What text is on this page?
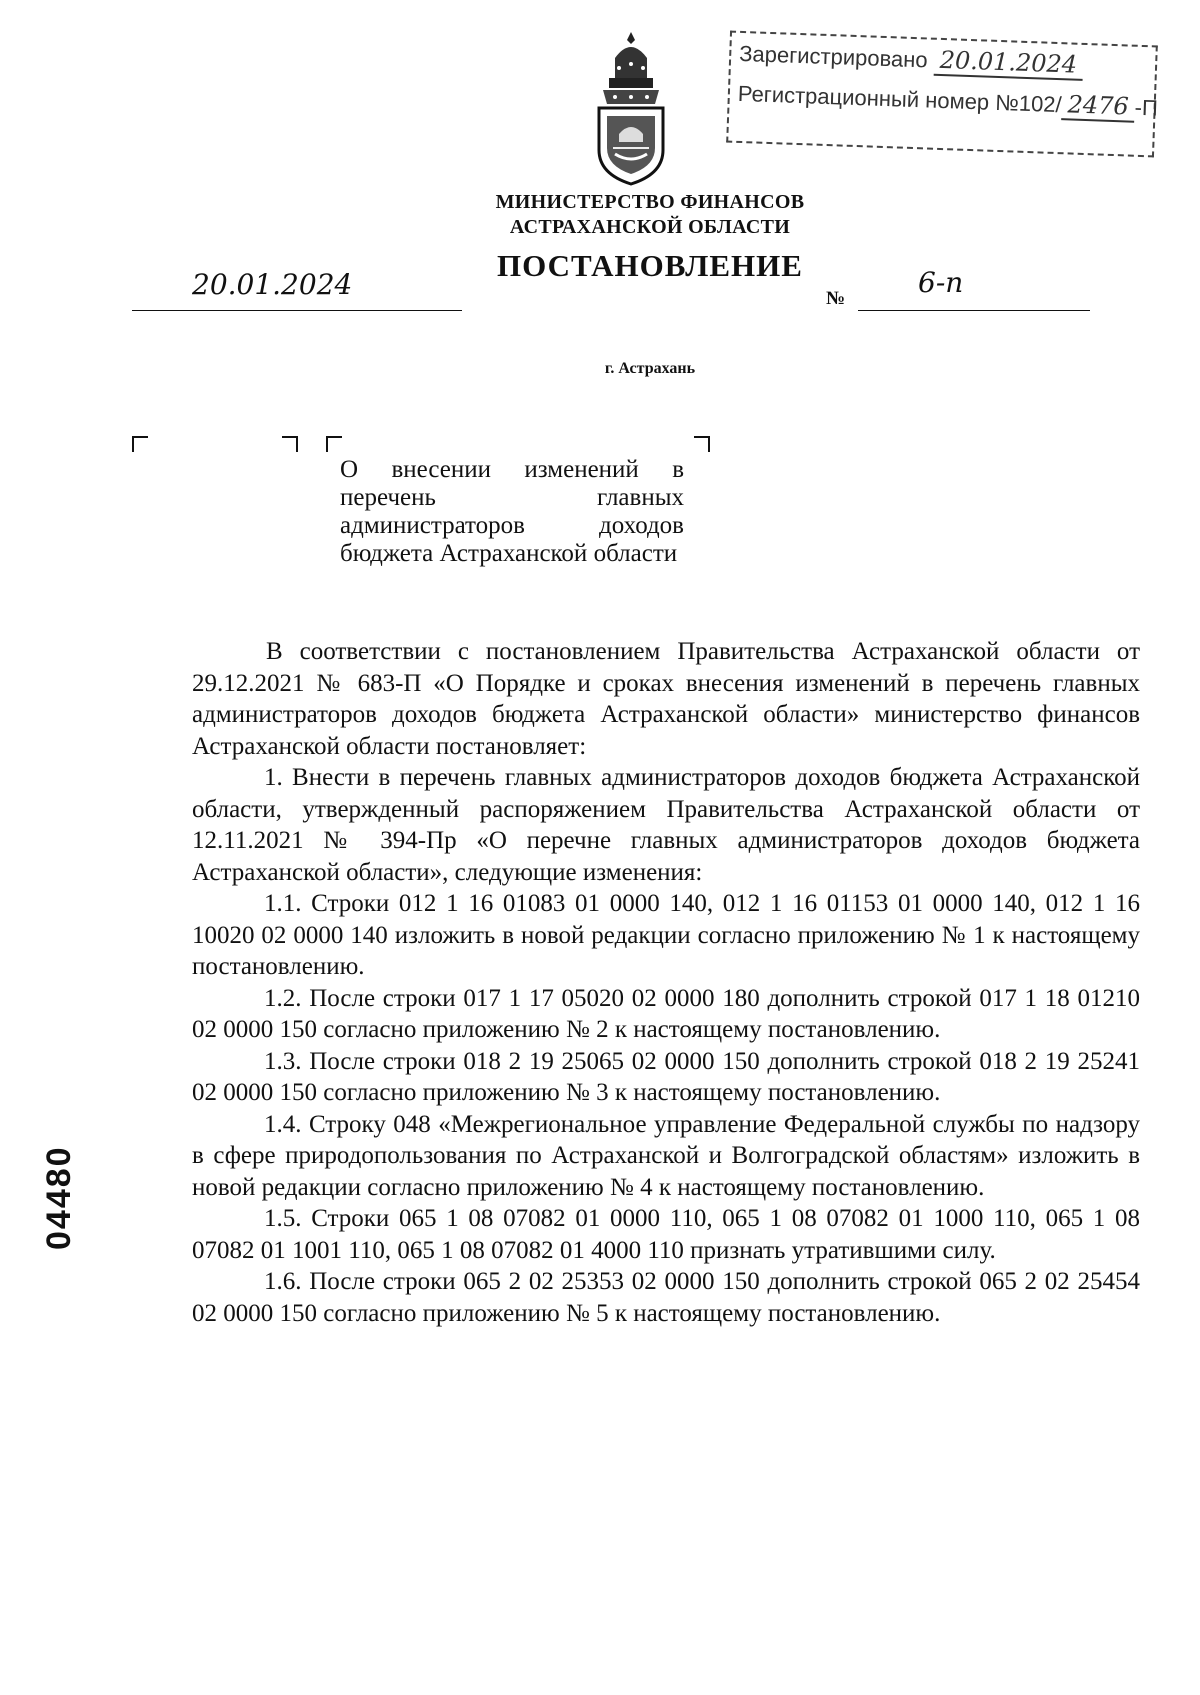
Зарегистрировано 20.01.2024
Регистрационный номер №102/ 2476 -П
МИНИСТЕРСТВО ФИНАНСОВ
АСТРАХАНСКОЙ ОБЛАСТИ
ПОСТАНОВЛЕНИЕ
20.01.2024	№	6-п
г. Астрахань
О внесении изменений в перечень главных администраторов доходов бюджета Астраханской области

В соответствии с постановлением Правительства Астраханской области от 29.12.2021 № 683-П «О Порядке и сроках внесения изменений в перечень главных администраторов доходов бюджета Астраханской области» министерство финансов Астраханской области постановляет:

1. Внести в перечень главных администраторов доходов бюджета Астраханской области, утвержденный распоряжением Правительства Астраханской области от 12.11.2021 № 394-Пр «О перечне главных администраторов доходов бюджета Астраханской области», следующие изменения:

1.1. Строки 012 1 16 01083 01 0000 140, 012 1 16 01153 01 0000 140, 012 1 16 10020 02 0000 140 изложить в новой редакции согласно приложению № 1 к настоящему постановлению.

1.2. После строки 017 1 17 05020 02 0000 180 дополнить строкой 017 1 18 01210 02 0000 150 согласно приложению № 2 к настоящему постановлению.

1.3. После строки 018 2 19 25065 02 0000 150 дополнить строкой 018 2 19 25241 02 0000 150 согласно приложению № 3 к настоящему постановлению.

1.4. Строку 048 «Межрегиональное управление Федеральной службы по надзору в сфере природопользования по Астраханской и Волгоградской областям» изложить в новой редакции согласно приложению № 4 к настоящему постановлению.

1.5. Строки 065 1 08 07082 01 0000 110, 065 1 08 07082 01 1000 110, 065 1 08 07082 01 1001 110, 065 1 08 07082 01 4000 110 признать утратившими силу.

1.6. После строки 065 2 02 25353 02 0000 150 дополнить строкой 065 2 02 25454 02 0000 150 согласно приложению № 5 к настоящему постановлению.

04480
